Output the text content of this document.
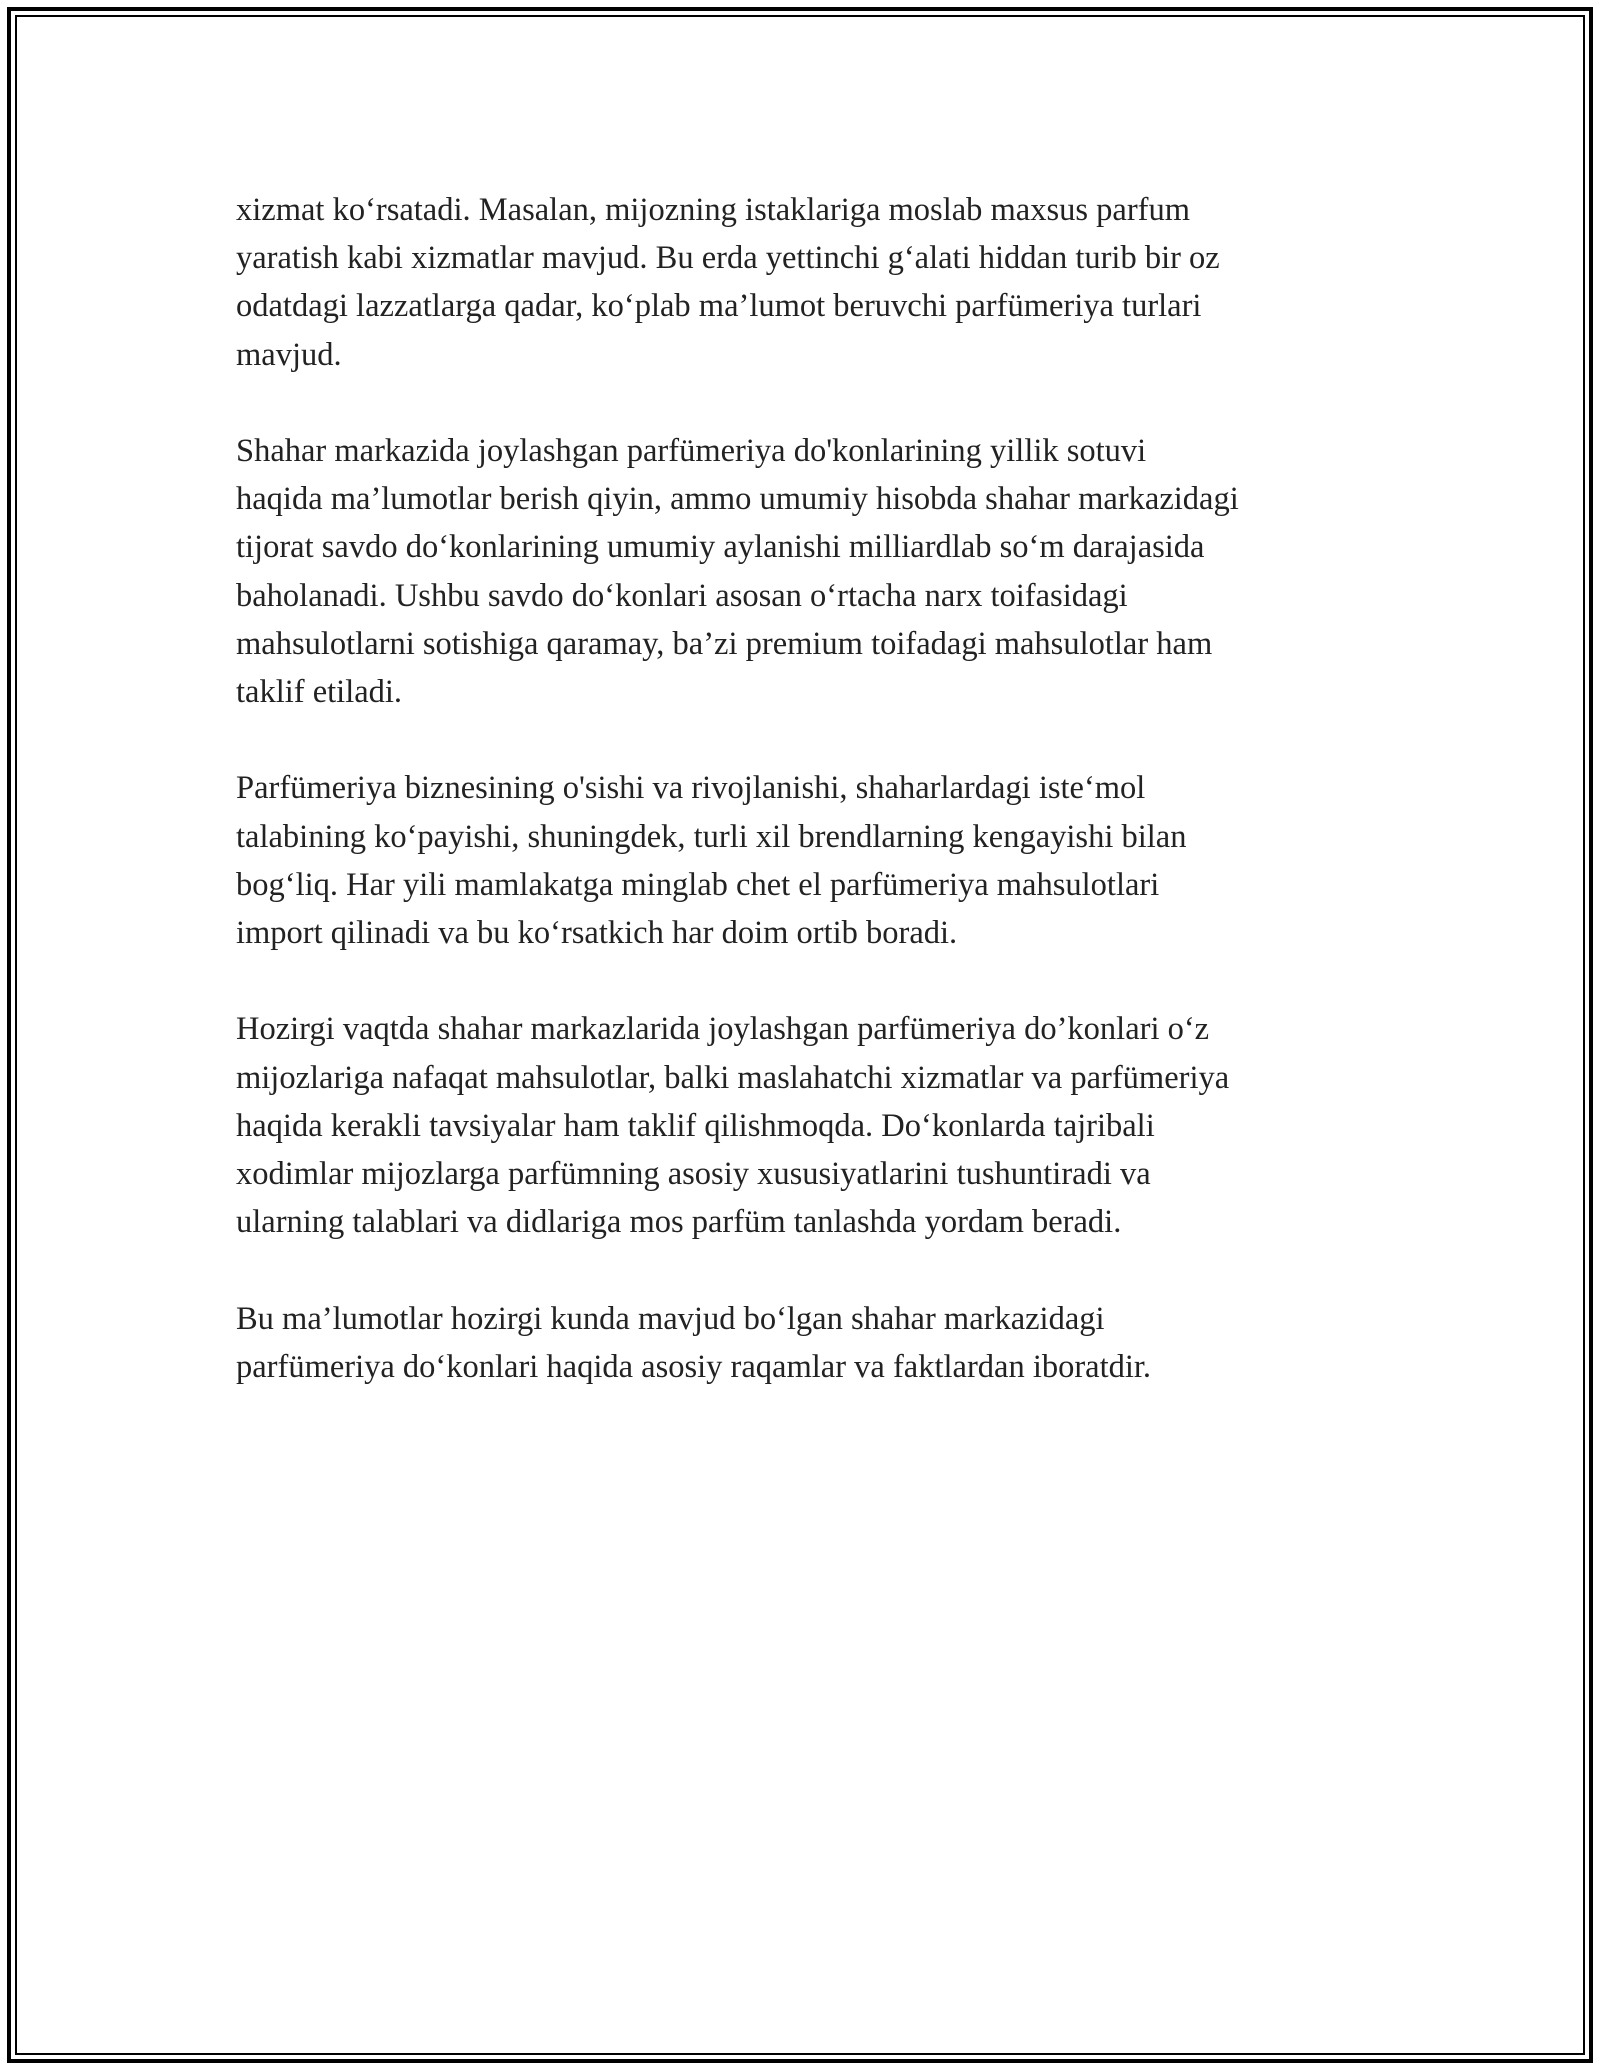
xizmat ko‘rsatadi. Masalan, mijozning istaklariga moslab maxsus parfum
yaratish kabi xizmatlar mavjud. Bu erda yettinchi g‘alati hiddan turib bir oz
odatdagi lazzatlarga qadar, ko‘plab ma’lumot beruvchi parfümeriya turlari
mavjud.

Shahar markazida joylashgan parfümeriya do'konlarining yillik sotuvi
haqida ma’lumotlar berish qiyin, ammo umumiy hisobda shahar markazidagi
tijorat savdo do‘konlarining umumiy aylanishi milliardlab so‘m darajasida
baholanadi. Ushbu savdo do‘konlari asosan o‘rtacha narx toifasidagi
mahsulotlarni sotishiga qaramay, ba’zi premium toifadagi mahsulotlar ham
taklif etiladi.

Parfümeriya biznesining o'sishi va rivojlanishi, shaharlardagi iste‘mol
talabining ko‘payishi, shuningdek, turli xil brendlarning kengayishi bilan
bog‘liq. Har yili mamlakatga minglab chet el parfümeriya mahsulotlari
import qilinadi va bu ko‘rsatkich har doim ortib boradi.

Hozirgi vaqtda shahar markazlarida joylashgan parfümeriya do’konlari o‘z
mijozlariga nafaqat mahsulotlar, balki maslahatchi xizmatlar va parfümeriya
haqida kerakli tavsiyalar ham taklif qilishmoqda. Do‘konlarda tajribali
xodimlar mijozlarga parfümning asosiy xususiyatlarini tushuntiradi va
ularning talablari va didlariga mos parfüm tanlashda yordam beradi.

Bu ma’lumotlar hozirgi kunda mavjud bo‘lgan shahar markazidagi
parfümeriya do‘konlari haqida asosiy raqamlar va faktlardan iboratdir.
